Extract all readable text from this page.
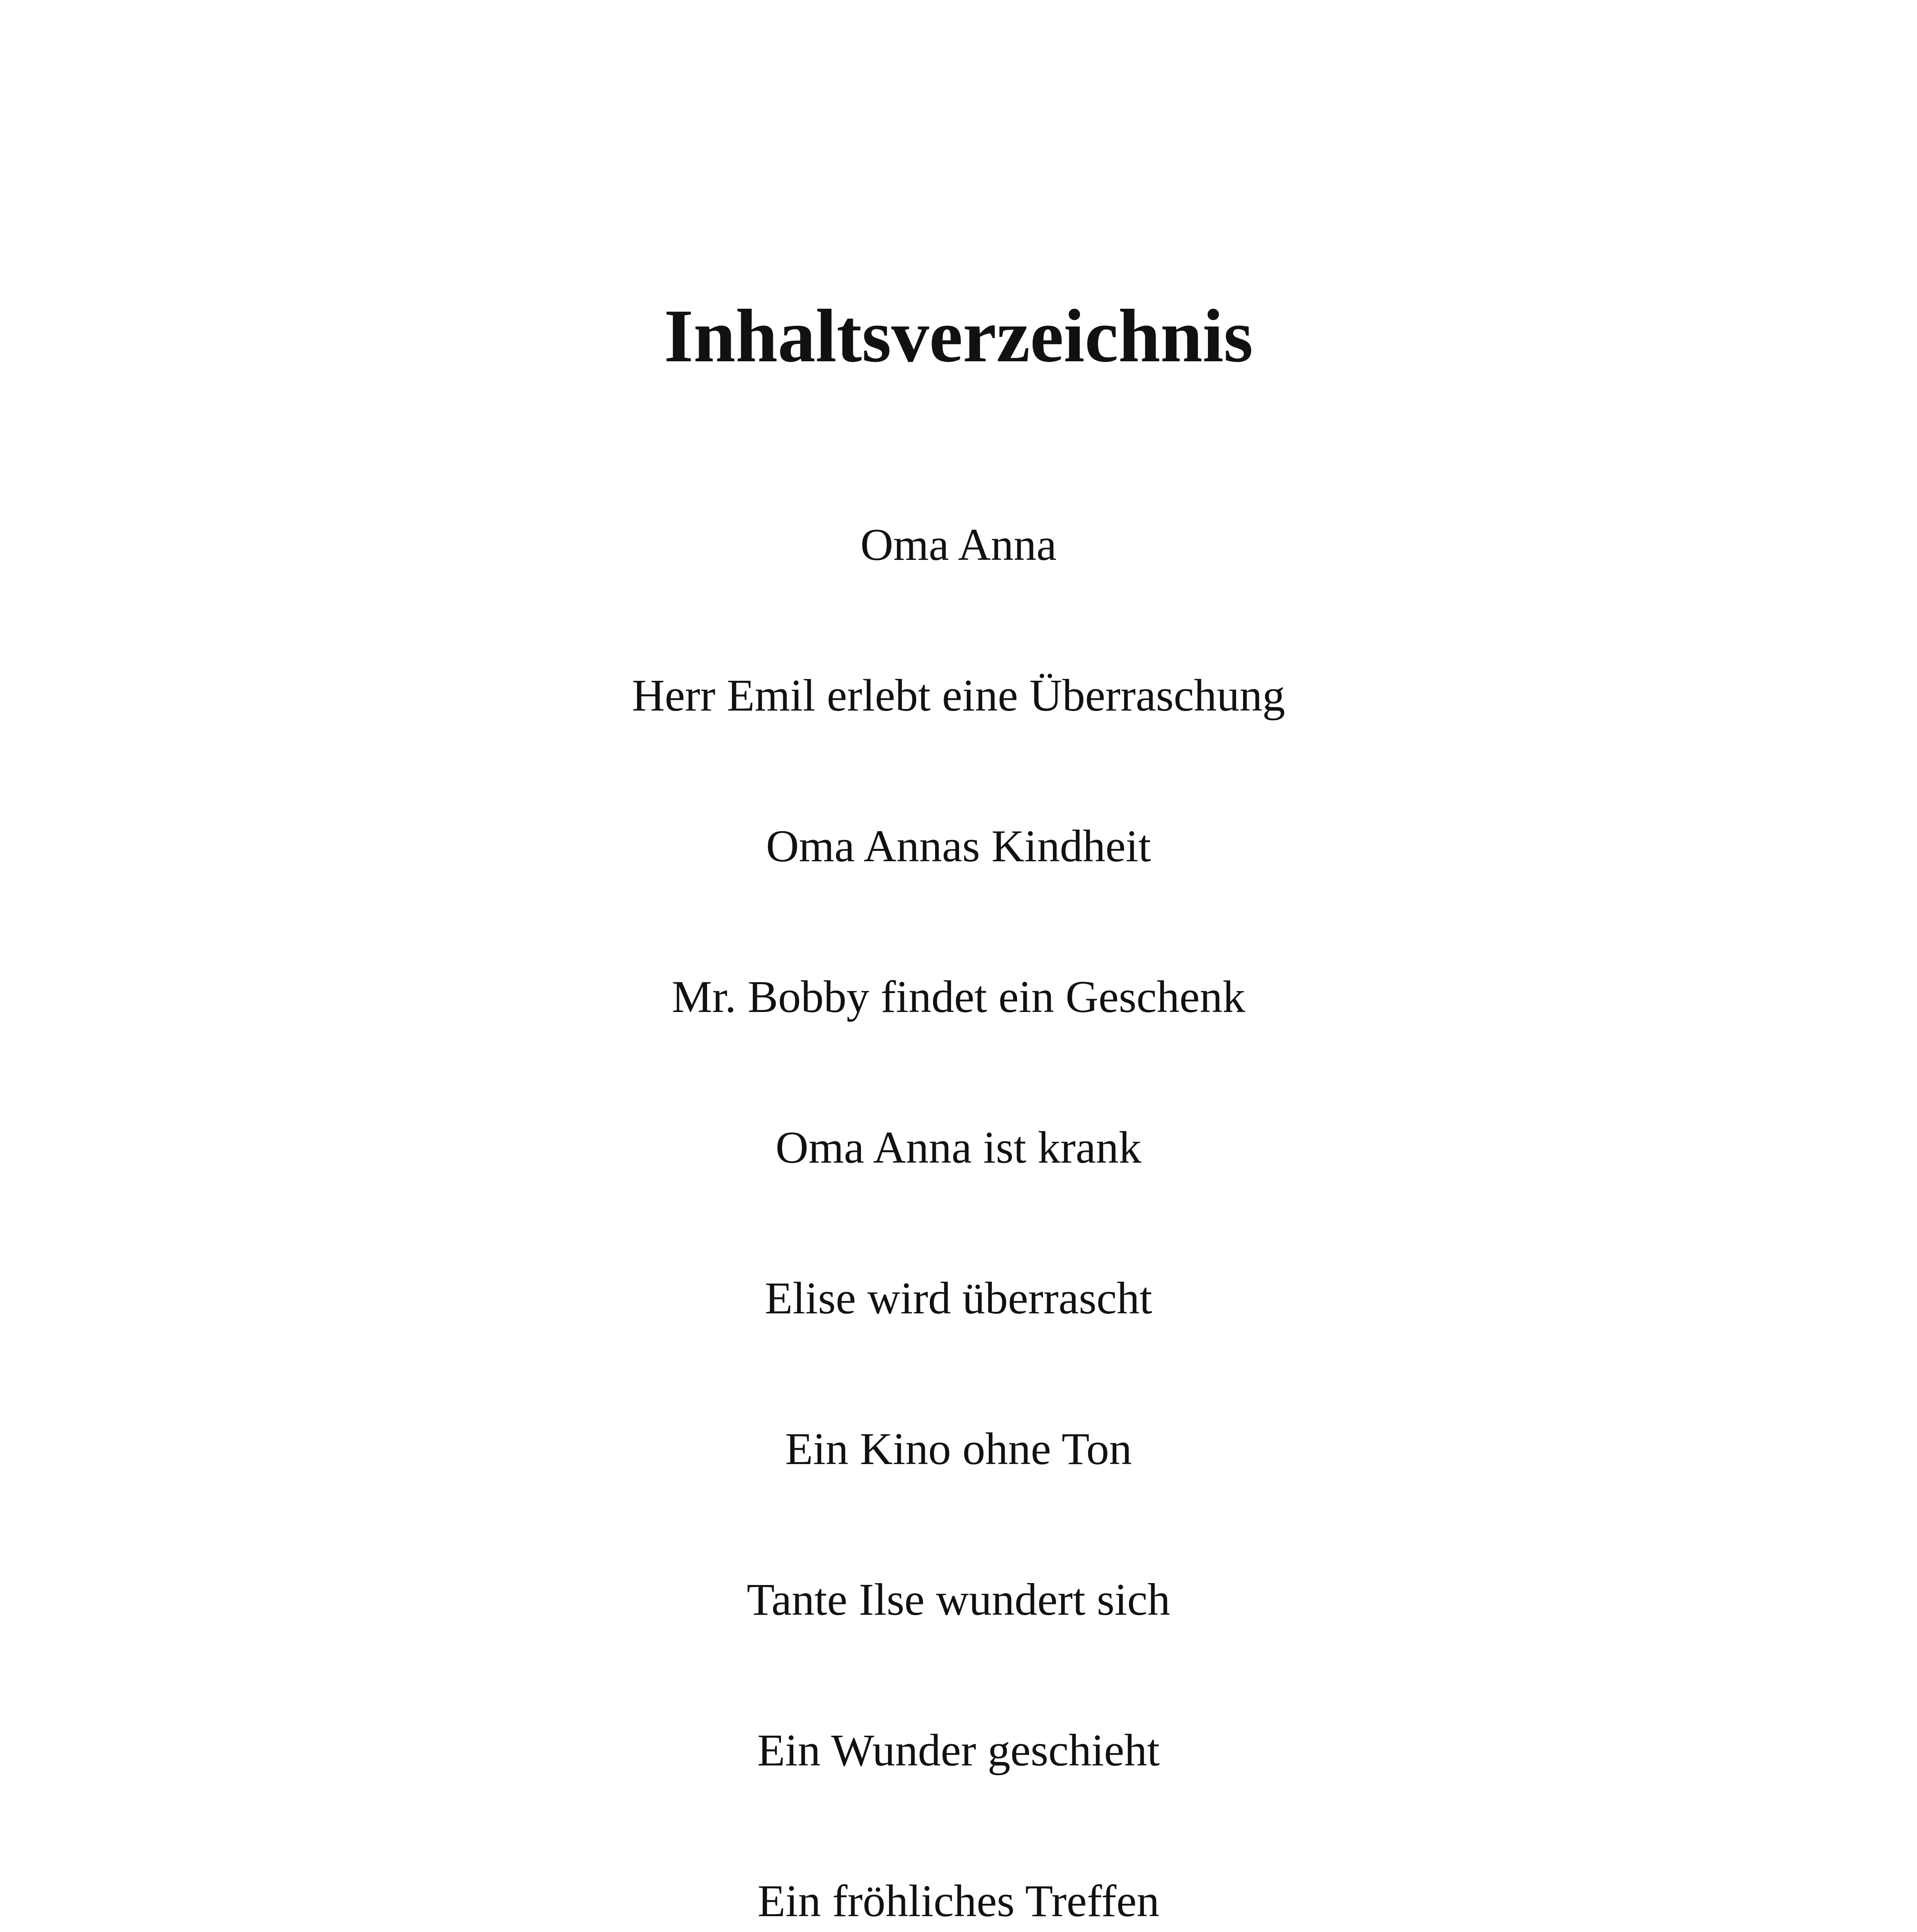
Inhaltsverzeichnis
Oma Anna
Herr Emil erlebt eine Überraschung
Oma Annas Kindheit
Mr. Bobby findet ein Geschenk
Oma Anna ist krank
Elise wird überrascht
Ein Kino ohne Ton
Tante Ilse wundert sich
Ein Wunder geschieht
Ein fröhliches Treffen
